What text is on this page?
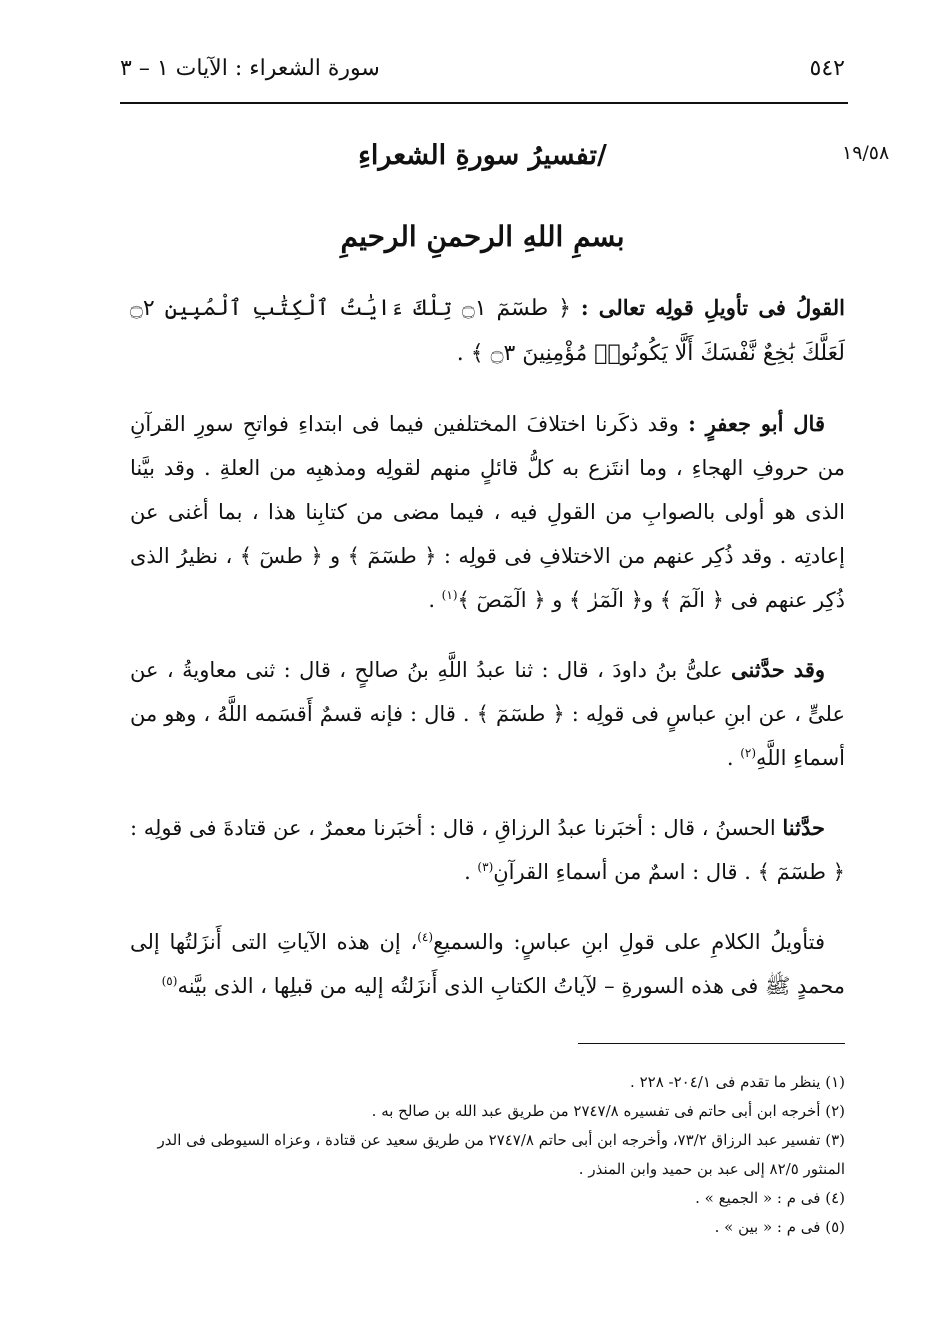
٥٤٢
سورة الشعراء : الآيات ١ – ٣
١٩/٥٨
/تفسيرُ سورةِ الشعراءِ
بسمِ اللهِ الرحمنِ الرحيمِ

القولُ فى تأويلِ قولِه تعالى : ﴿ طسٓمٓ ۝١ تِلْكَ ءَايَٰتُ ٱلْكِتَٰبِ ٱلْمُبِينِ ۝٢ لَعَلَّكَ بَٰخِعٌ نَّفْسَكَ أَلَّا يَكُونُوا۟ مُؤْمِنِينَ ۝٣ ﴾ .

قال أبو جعفرٍ : وقد ذكَرنا اختلافَ المختلفين فيما فى ابتداءِ فواتحِ سورِ القرآنِ من حروفِ الهجاءِ ، وما انتَزع به كلُّ قائلٍ منهم لقولِه ومذهبِه من العلةِ . وقد بيَّنا الذى هو أولى بالصوابِ من القولِ فيه ، فيما مضى من كتابِنا هذا ، بما أغنى عن إعادتِه . وقد ذُكِر عنهم من الاختلافِ فى قولِه : ﴿ طسٓمٓ ﴾ و ﴿ طسٓ ﴾ ، نظيرُ الذى ذُكِر عنهم فى ﴿ الٓمٓ ﴾ و﴿ الٓمٓرٰ ﴾ و ﴿ الٓمٓصٓ ﴾$^{(١)}$ .

وقد حدَّثنى علىُّ بنُ داودَ ، قال : ثنا عبدُ اللَّهِ بنُ صالحٍ ، قال : ثنى معاويةُ ، عن علىٍّ ، عن ابنِ عباسٍ فى قولِه : ﴿ طسٓمٓ ﴾ . قال : فإنه قسمٌ أَقسَمه اللَّهُ ، وهو من أسماءِ اللَّهِ$^{(٢)}$ .

حدَّثنا الحسنُ ، قال : أخبَرنا عبدُ الرزاقِ ، قال : أخبَرنا معمرٌ ، عن قتادةَ فى قولِه : ﴿ طسٓمٓ ﴾ . قال : اسمٌ من أسماءِ القرآنِ$^{(٣)}$ .

فتأويلُ الكلامِ على قولِ ابنِ عباسٍ: والسميعِ$^{(٤)}$، إن هذه الآياتِ التى أَنزَلتُها إلى محمدٍ ﷺ فى هذه السورةِ – لآياتُ الكتابِ الذى أَنزَلتُه إليه من قبلِها ، الذى بيَّنه$^{(٥)}$

(١) ينظر ما تقدم فى ٢٠٤/١- ٢٢٨ .

(٢) أخرجه ابن أبى حاتم فى تفسيره ٢٧٤٧/٨ من طريق عبد الله بن صالح به .

(٣) تفسير عبد الرزاق ٧٣/٢، وأخرجه ابن أبى حاتم ٢٧٤٧/٨ من طريق سعيد عن قتادة ، وعزاه السيوطى فى الدر المنثور ٨٢/٥ إلى عبد بن حميد وابن المنذر .

(٤) فى م : « الجميع » .

(٥) فى م : « بين » .
